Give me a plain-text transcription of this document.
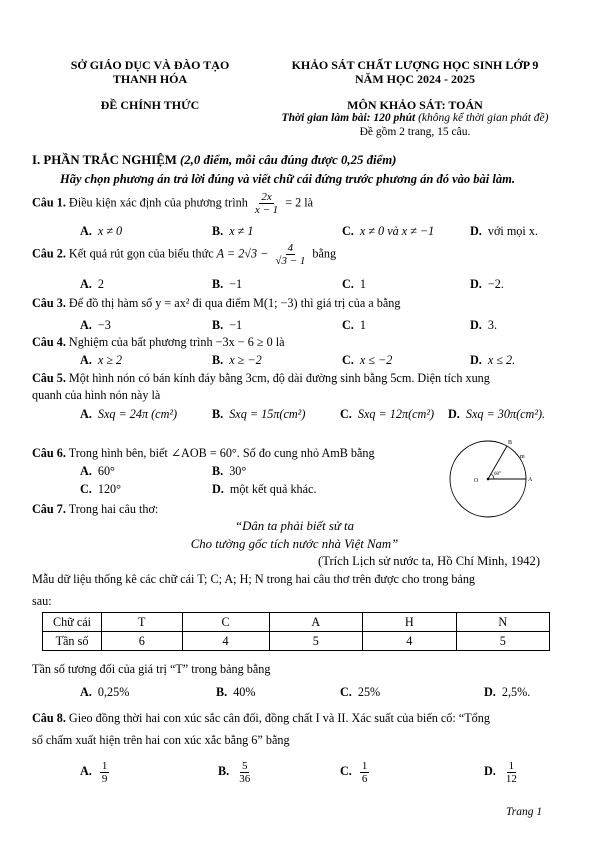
SỞ GIÁO DỤC VÀ ĐÀO TẠO
THANH HÓA
ĐỀ CHÍNH THỨC
KHẢO SÁT CHẤT LƯỢNG HỌC SINH LỚP 9
NĂM HỌC 2024 - 2025
MÔN KHẢO SÁT: TOÁN
Thời gian làm bài: 120 phút (không kể thời gian phát đề)
Đề gồm 2 trang, 15 câu.
I. PHẦN TRẮC NGHIỆM (2,0 điểm, mỗi câu đúng được 0,25 điểm)
Hãy chọn phương án trả lời đúng và viết chữ cái đứng trước phương án đó vào bài làm.
Câu 1. Điều kiện xác định của phương trình $\frac{2x}{x - 1} = 2$ là
A. x ≠ 0	B. x ≠ 1	C. x ≠ 0 và x ≠ −1	D. với mọi x.
Câu 2. Kết quả rút gọn của biểu thức $A = 2√3 - \frac{4}{√3 - 1}$ bằng
A. 2	B. −1	C. 1	D. −2.
Câu 3. Để đồ thị hàm số y = ax² đi qua điểm M(1; −3) thì giá trị của a bằng
A. −3	B. −1	C. 1	D. 3.
Câu 4. Nghiệm của bất phương trình −3x − 6 ≥ 0 là
A. x ≥ 2	B. x ≥ −2	C. x ≤ −2	D. x ≤ 2.
Câu 5. Một hình nón có bán kính đáy bằng 3cm, độ dài đường sinh bằng 5cm. Diện tích xung
quanh của hình nón này là
A. Sxq = 24π (cm²)	B. Sxq = 15π(cm²)	C. Sxq = 12π(cm²) D. Sxq = 30π(cm²).
Câu 6. Trong hình bên, biết ∠AOB = 60°. Số đo cung nhỏ AmB bằng
A. 60°	B. 30°
C. 120°	D. một kết quả khác.
B
m
O	A
60°
Câu 7. Trong hai câu thơ:
“Dân ta phải biết sử ta
Cho tường gốc tích nước nhà Việt Nam”
(Trích Lịch sử nước ta, Hồ Chí Minh, 1942)
Mẫu dữ liệu thống kê các chữ cái T; C; A; H; N trong hai câu thơ trên được cho trong bảng
sau:
Chữ cái	T	C	A	H	N
Tần số	6	4	5	4	5
Tần số tương đối của giá trị “T” trong bảng bằng
A. 0,25%	B. 40%	C. 25%	D. 2,5%.
Câu 8. Gieo đồng thời hai con xúc sắc cân đối, đồng chất I và II. Xác suất của biến cố: “Tổng
số chấm xuất hiện trên hai con xúc xắc bằng 6” bằng
A. $\frac{1}{9}$	B. $\frac{5}{36}$	C. $\frac{1}{6}$	D. $\frac{1}{12}$
Trang 1
